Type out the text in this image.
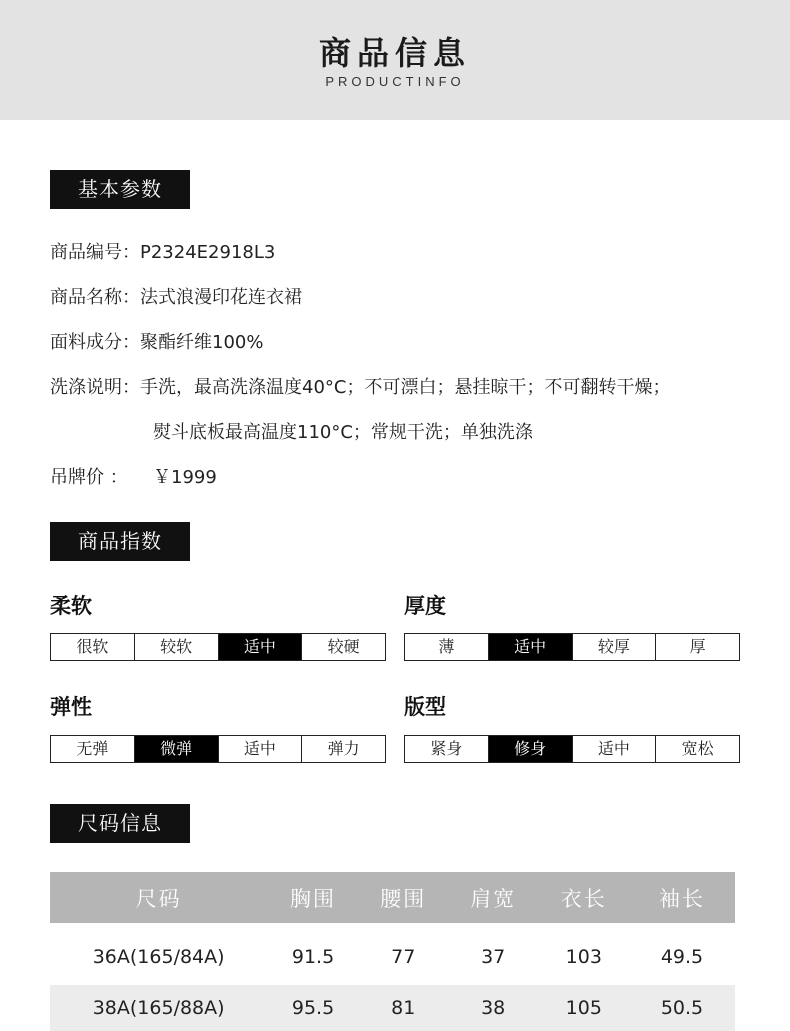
商品信息
PRODUCTINFO
基本参数
商品编号：P2324E2918L3
商品名称：法式浪漫印花连衣裙
面料成分：聚酯纤维100%
洗涤说明：手洗，最高洗涤温度40°C；不可漂白；悬挂晾干；不可翻转干燥；
熨斗底板最高温度110°C；常规干洗；单独洗涤
吊牌价 ： ￥1999
商品指数
柔软
很软	较软	适中	较硬
厚度
薄	适中	较厚	厚
弹性
无弹	微弹	适中	弹力
版型
紧身	修身	适中	宽松
尺码信息
尺码	胸围	腰围	肩宽	衣长	袖长
36A(165/84A)	91.5	77	37	103	49.5
38A(165/88A)	95.5	81	38	105	50.5
